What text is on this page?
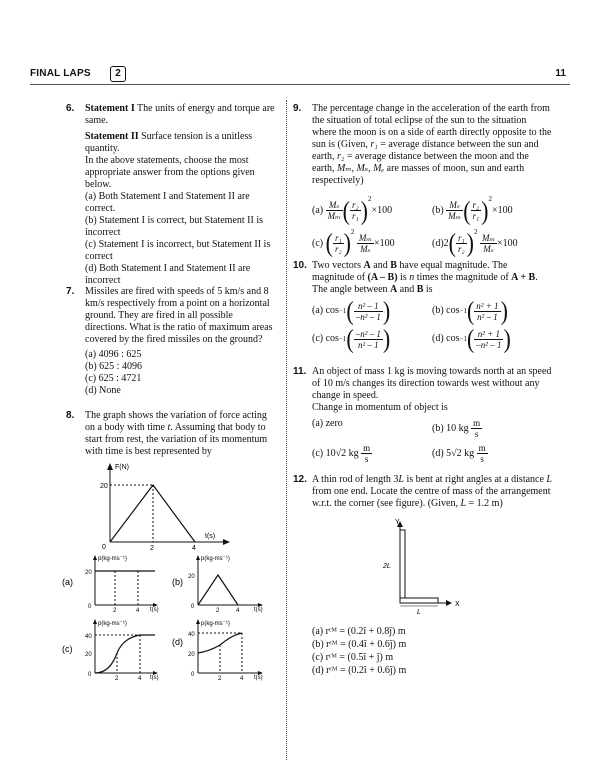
FINAL LAPS	2	11
6. Statement I The units of energy and torque are same.

Statement II Surface tension is a unitless quantity.

In the above statements, choose the most appropriate answer from the options given below.

(a) Both Statement I and Statement II are correct.

(b) Statement I is correct, but Statement II is incorrect

(c) Statement I is incorrect, but Statement II is correct

(d) Both Statement I and Statement II are incorrect

7. Missiles are fired with speeds of 5 km/s and 8 km/s respectively from a point on a horizontal ground. They are fired in all possible directions. What is the ratio of maximum areas covered by the fired missiles on the ground?

(a) 4096 : 625

(b) 625 : 4096

(c) 625 : 4721

(d) None

8. The graph shows the variation of force acting on a body with time t. Assuming that body to start from rest, the variation of its momentum with time is best represented by

F(N)
20
0	2	4
t(s)
(a)
p(kg-ms⁻¹)
20
0
2	4 t(s)
(b)
p(kg-ms⁻¹)
20
0
2	4 t(s)
(c)
p(kg-ms⁻¹)
40
20
0
2	4 t(s)
(d)
p(kg-ms⁻¹)
40
20
0
2	4 t(s)
9. The percentage change in the acceleration of the earth from the situation of total eclipse of the sun to the situation where the moon is on a side of earth directly opposite to the sun is (Given, r₁ = average distance between the sun and earth, r₂ = average distance between the moon and the earth, Mₘ, Mₛ, Mₑ are masses of moon, sun and earth respectively)

$(a) \frac{\text{Mₛ}}{\text{Mₘ}}$ ( $\frac{\text{r₂}}{\text{r₁}} )^2\times 100$	$(b) \frac{\text{Mₛ}}{\text{Mₘ}}$ ( $\frac{\text{r₂}}{\text{r₁}} )^2\times 100$
(c) ( $\frac{\text{r₁}}{\text{r₂}} )^2$
$\frac{\text{Mₘ}}{\text{Mₛ}} \times 100$	$(d)2( \frac{\text{r₁}}{\text{r₂}} )^2$
$\frac{\text{Mₘ}}{\text{Mₛ}} \times 100$
10. Two vectors A and B have equal magnitude. The magnitude of (A – B) is n times the magnitude of A + B. The angle between A and B is

(a) cos −1 ( $\frac{\text{n² – 1}}{\text{–n² – 1}}$ )	(b) cos −1 ( $\frac{\text{n² + 1}}{\text{n² – 1}}$ )
(c) cos −1 ( $\frac{\text{–n² – 1}}{\text{n² – 1}}$ )	(d) cos −1 ( $\frac{\text{n² + 1}}{\text{–n² – 1}}$ )
11. An object of mass 1 kg is moving towards north at an speed of 10 m/s changes its direction towards west without any change in speed.

Change in momentum of object is

(a) zero	(b) 10 kg $\frac{m}{s}$
(c) 10√2 kg $\frac{m}{s}$	(d) 5√2 kg $\frac{m}{s}$
12. A thin rod of length 3L is bent at right angles at a distance L from one end. Locate the centre of mass of the arrangement w.r.t. the corner (see figure). (Given, L = 1.2 m)

Y
X
2L
L

(a) rᶜᴹ = (0.2î + 0.8ĵ) m

(b) rᶜᴹ = (0.4î + 0.6ĵ) m

(c) rᶜᴹ = (0.5î + ĵ) m

(d) rᶜᴹ = (0.2î + 0.6ĵ) m
